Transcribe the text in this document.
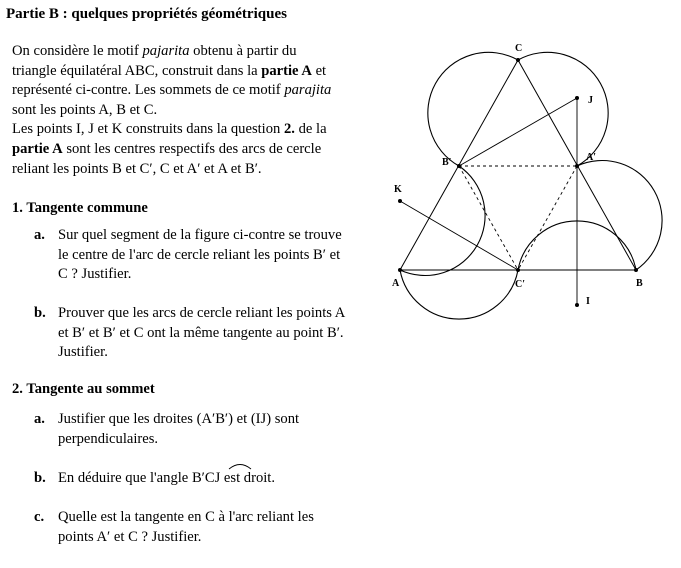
Partie B : quelques propriétés géométriques

On considère le motif pajarita obtenu à partir du

triangle équilatéral ABC, construit dans la partie A et

représenté ci-contre. Les sommets de ce motif parajita

sont les points A, B et C.

Les points I, J et K construits dans la question 2. de la

partie A sont les centres respectifs des arcs de cercle

reliant les points B et C′, C et A′ et A et B′.

1. Tangente commune
a. Sur quel segment de la figure ci-contre se trouve
le centre de l'arc de cercle reliant les points B′ et
C ? Justifier.
b. Prouver que les arcs de cercle reliant les points A
et B′ et B′ et C ont la même tangente au point B′.
Justifier.
2. Tangente au sommet
a. Justifier que les droites (A′B′) et (IJ) sont
perpendiculaires.
b. En déduire que l'angle B′CJ est droit.
c. Quelle est la tangente en C à l'arc reliant les
points A′ et C ? Justifier.
C
J
B′	A′
K
A	C′	B
I
